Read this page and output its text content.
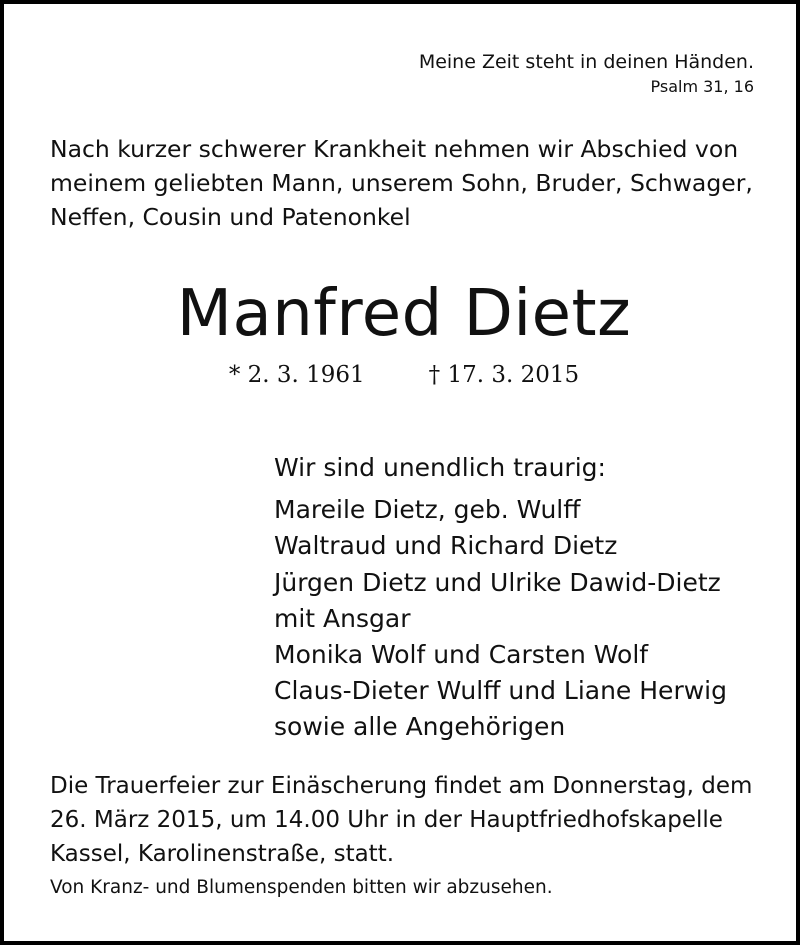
Meine Zeit steht in deinen Händen.
Psalm 31, 16

Nach kurzer schwerer Krankheit nehmen wir Abschied von
meinem geliebten Mann, unserem Sohn, Bruder, Schwager,
Neffen, Cousin und Patenonkel

Manfred Dietz
* 2. 3. 1961	† 17. 3. 2015
Wir sind unendlich traurig:
Mareile Dietz, geb. Wulff
Waltraud und Richard Dietz
Jürgen Dietz und Ulrike Dawid-Dietz
mit Ansgar
Monika Wolf und Carsten Wolf
Claus-Dieter Wulff und Liane Herwig
sowie alle Angehörigen

Die Trauerfeier zur Einäscherung findet am Donnerstag, dem
26. März 2015, um 14.00 Uhr in der Hauptfriedhofskapelle
Kassel, Karolinenstraße, statt.

Von Kranz- und Blumenspenden bitten wir abzusehen.
